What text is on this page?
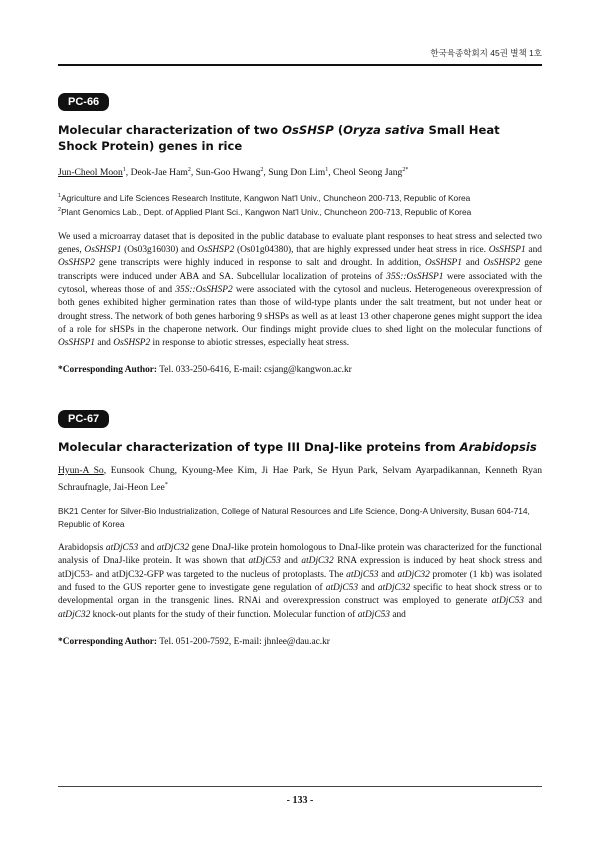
한국육종학회지 45권 별책 1호
PC-66
Molecular characterization of two OsSHSP (Oryza sativa Small Heat Shock Protein) genes in rice
Jun-Cheol Moon$^1$, Deok-Jae Ham$^2$, Sun-Goo Hwang$^2$, Sung Don Lim$^1$, Cheol Seong Jang$^{2*}$
$^1$Agriculture and Life Sciences Research Institute, Kangwon Nat'l Univ., Chuncheon 200-713, Republic of Korea
$^2$Plant Genomics Lab., Dept. of Applied Plant Sci., Kangwon Nat'l Univ., Chuncheon 200-713, Republic of Korea
We used a microarray dataset that is deposited in the public database to evaluate plant responses to heat stress and selected two genes, OsSHSP1 (Os03g16030) and OsSHSP2 (Os01g04380), that are highly expressed under heat stress in rice. OsSHSP1 and OsSHSP2 gene transcripts were highly induced in response to salt and drought. In addition, OsSHSP1 and OsSHSP2 gene transcripts were induced under ABA and SA. Subcellular localization of proteins of 35S::OsSHSP1 were associated with the cytosol, whereas those of and 35S::OsSHSP2 were associated with the cytosol and nucleus. Heterogeneous overexpression of both genes exhibited higher germination rates than those of wild-type plants under the salt treatment, but not under heat or drought stress. The network of both genes harboring 9 sHSPs as well as at least 13 other chaperone genes might support the idea of a role for sHSPs in the chaperone network. Our findings might provide clues to shed light on the molecular functions of OsSHSP1 and OsSHSP2 in response to abiotic stresses, especially heat stress.
*Corresponding Author: Tel. 033-250-6416, E-mail: csjang@kangwon.ac.kr
PC-67
Molecular characterization of type III DnaJ-like proteins from Arabidopsis
Hyun-A So, Eunsook Chung, Kyoung-Mee Kim, Ji Hae Park, Se Hyun Park, Selvam Ayarpadikannan, Kenneth Ryan Schraufnagle, Jai-Heon Lee*
BK21 Center for Silver-Bio Industrialization, College of Natural Resources and Life Science, Dong-A University, Busan 604-714, Republic of Korea
Arabidopsis atDjC53 and atDjC32 gene DnaJ-like protein homologous to DnaJ-like protein was characterized for the functional analysis of DnaJ-like protein. It was shown that atDjC53 and atDjC32 RNA expression is induced by heat shock stress and atDjC53- and atDjC32-GFP was targeted to the nucleus of protoplasts. The atDjC53 and atDjC32 promoter (1 kb) was isolated and fused to the GUS reporter gene to investigate gene regulation of atDjC53 and atDjC32 specific to heat shock stress or to developmental organ in the transgenic lines. RNAi and overexpression construct was employed to generate atDjC53 and atDjC32 knock-out plants for the study of their function. Molecular function of atDjC53 and
*Corresponding Author: Tel. 051-200-7592, E-mail: jhnlee@dau.ac.kr
- 133 -
